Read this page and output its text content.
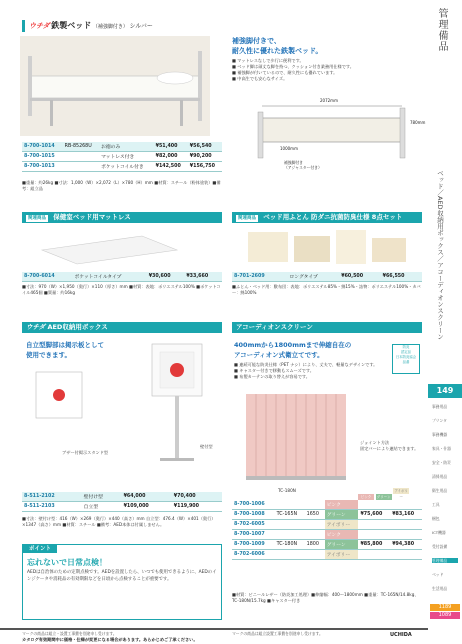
ウチダ 鉄製ベッド （補強脚付き） シルバー
補強脚付きで、
耐久性に優れた鉄製ベッド。
■ マットレスなしで歩行に便利です。
■ ベッド脚は頑丈な脚を持つ、クッション付き業務用仕様です。
■ 補強脚が付いているので、耐久性にも優れています。
■ 中高生でも安心なサイズ。
2072mm
780mm
1000mm
補強脚付き
（アジャスター付き）
8-700-1014	RB-85268U	お徳のみ	¥51,400	¥56,540
8-700-1015		マットレス付き	¥82,000	¥90,200
8-700-1013		ポケットコイル付き	¥142,500	¥156,750
■重量：約26kg ■寸法：1,000（W）×2,072（L）×780（H）mm ■材質：スチール（粉体塗装）■備考：組立品
関連商品 保健室ベッド用マットレス
8-700-6014	ポケットコイルタイプ	¥30,600	¥33,660
■寸法：970（W）×1,950（奥行）×110（厚さ）mm ■材質：表地：ポリエステル100% ■ポケットコイル465個 ■質量：約16kg
関連商品 ベッド用ふとん 防ダニ抗菌防臭仕様 8点セット
8-701-2609	ロングタイプ	¥60,500	¥66,550
■ふとん・ベッド用：敷布団：表地：ポリエステル85%・綿15%・詰物：ポリエステル100%・カバー：綿100%
ウチダ AED収納用ボックス
自立型脚部は掲示板として
使用できます。
ブザー付掲示スタンド型
壁付型
8-511-2102	壁付け型	¥64,000	¥70,400
8-511-2103	自立型	¥109,000	¥119,900
■寸法：壁付け型：416（W）×269（奥行）×440（高さ）mm 自立型：476.4（W）×401（奥行）×1347（高さ）mm ■材質：スチール ■備考：AED本体は付属しません。
ポイント
忘れないで日常点検！
AEDは自治体のための定期点検です。AEDを設置したら、いつでも使用できるように、AEDのインジケータや消耗品の有効期限などを日頃から点検することが重要です。
アコーディオンスクリーン
400mmから1800mmまで伸縮自在の
アコーディオン式衛立てです。
■ 連続可能な防炎仕様（PET ナシ）により、丈夫で、軽量なデザインです。
■ キャスター付きで移動もスムーズです。
■ 布製カーテンの取り替えが容易です。
防炎
認定品
日本防炎協会
品番
ジョイント方法
固定バーにより連結できます。
TC-180N
ピンク グリーン アイボリー
8-700-1006			ピンク		
8-700-1008	TC-165N	1650	グリーン	¥75,600	¥83,160
8-702-6005			アイボリー		
8-700-1007			ピンク		
8-700-1009	TC-180N	1800	グリーン	¥85,800	¥94,380
8-702-6006			アイボリー		
■材質：ビニールレザー（防炎加工処理）■伸縮幅：400～1800mm ■重量：TC-165N/14.8kg、TC-180N/15.7kg ■キャスター付き
管理備品
ベッド／AED収納用ボックス／アコーディオンスクリーン
149
事務用品
プリンタ
事務機器
家具・什器
安全・防災
清掃用品
衛生用品
工具
梱包
ICT機器
受付設備
管理備品
ベッド
生活用品
1189
1089
マークの商品は組立・設置工事費を別途申し受けます。	マークの商品は組立設置工事費を別途申し受けます。
カタログ有効期間中に価格・仕様が変更になる場合があります。あらかじめご了承ください。
UCHIDA
